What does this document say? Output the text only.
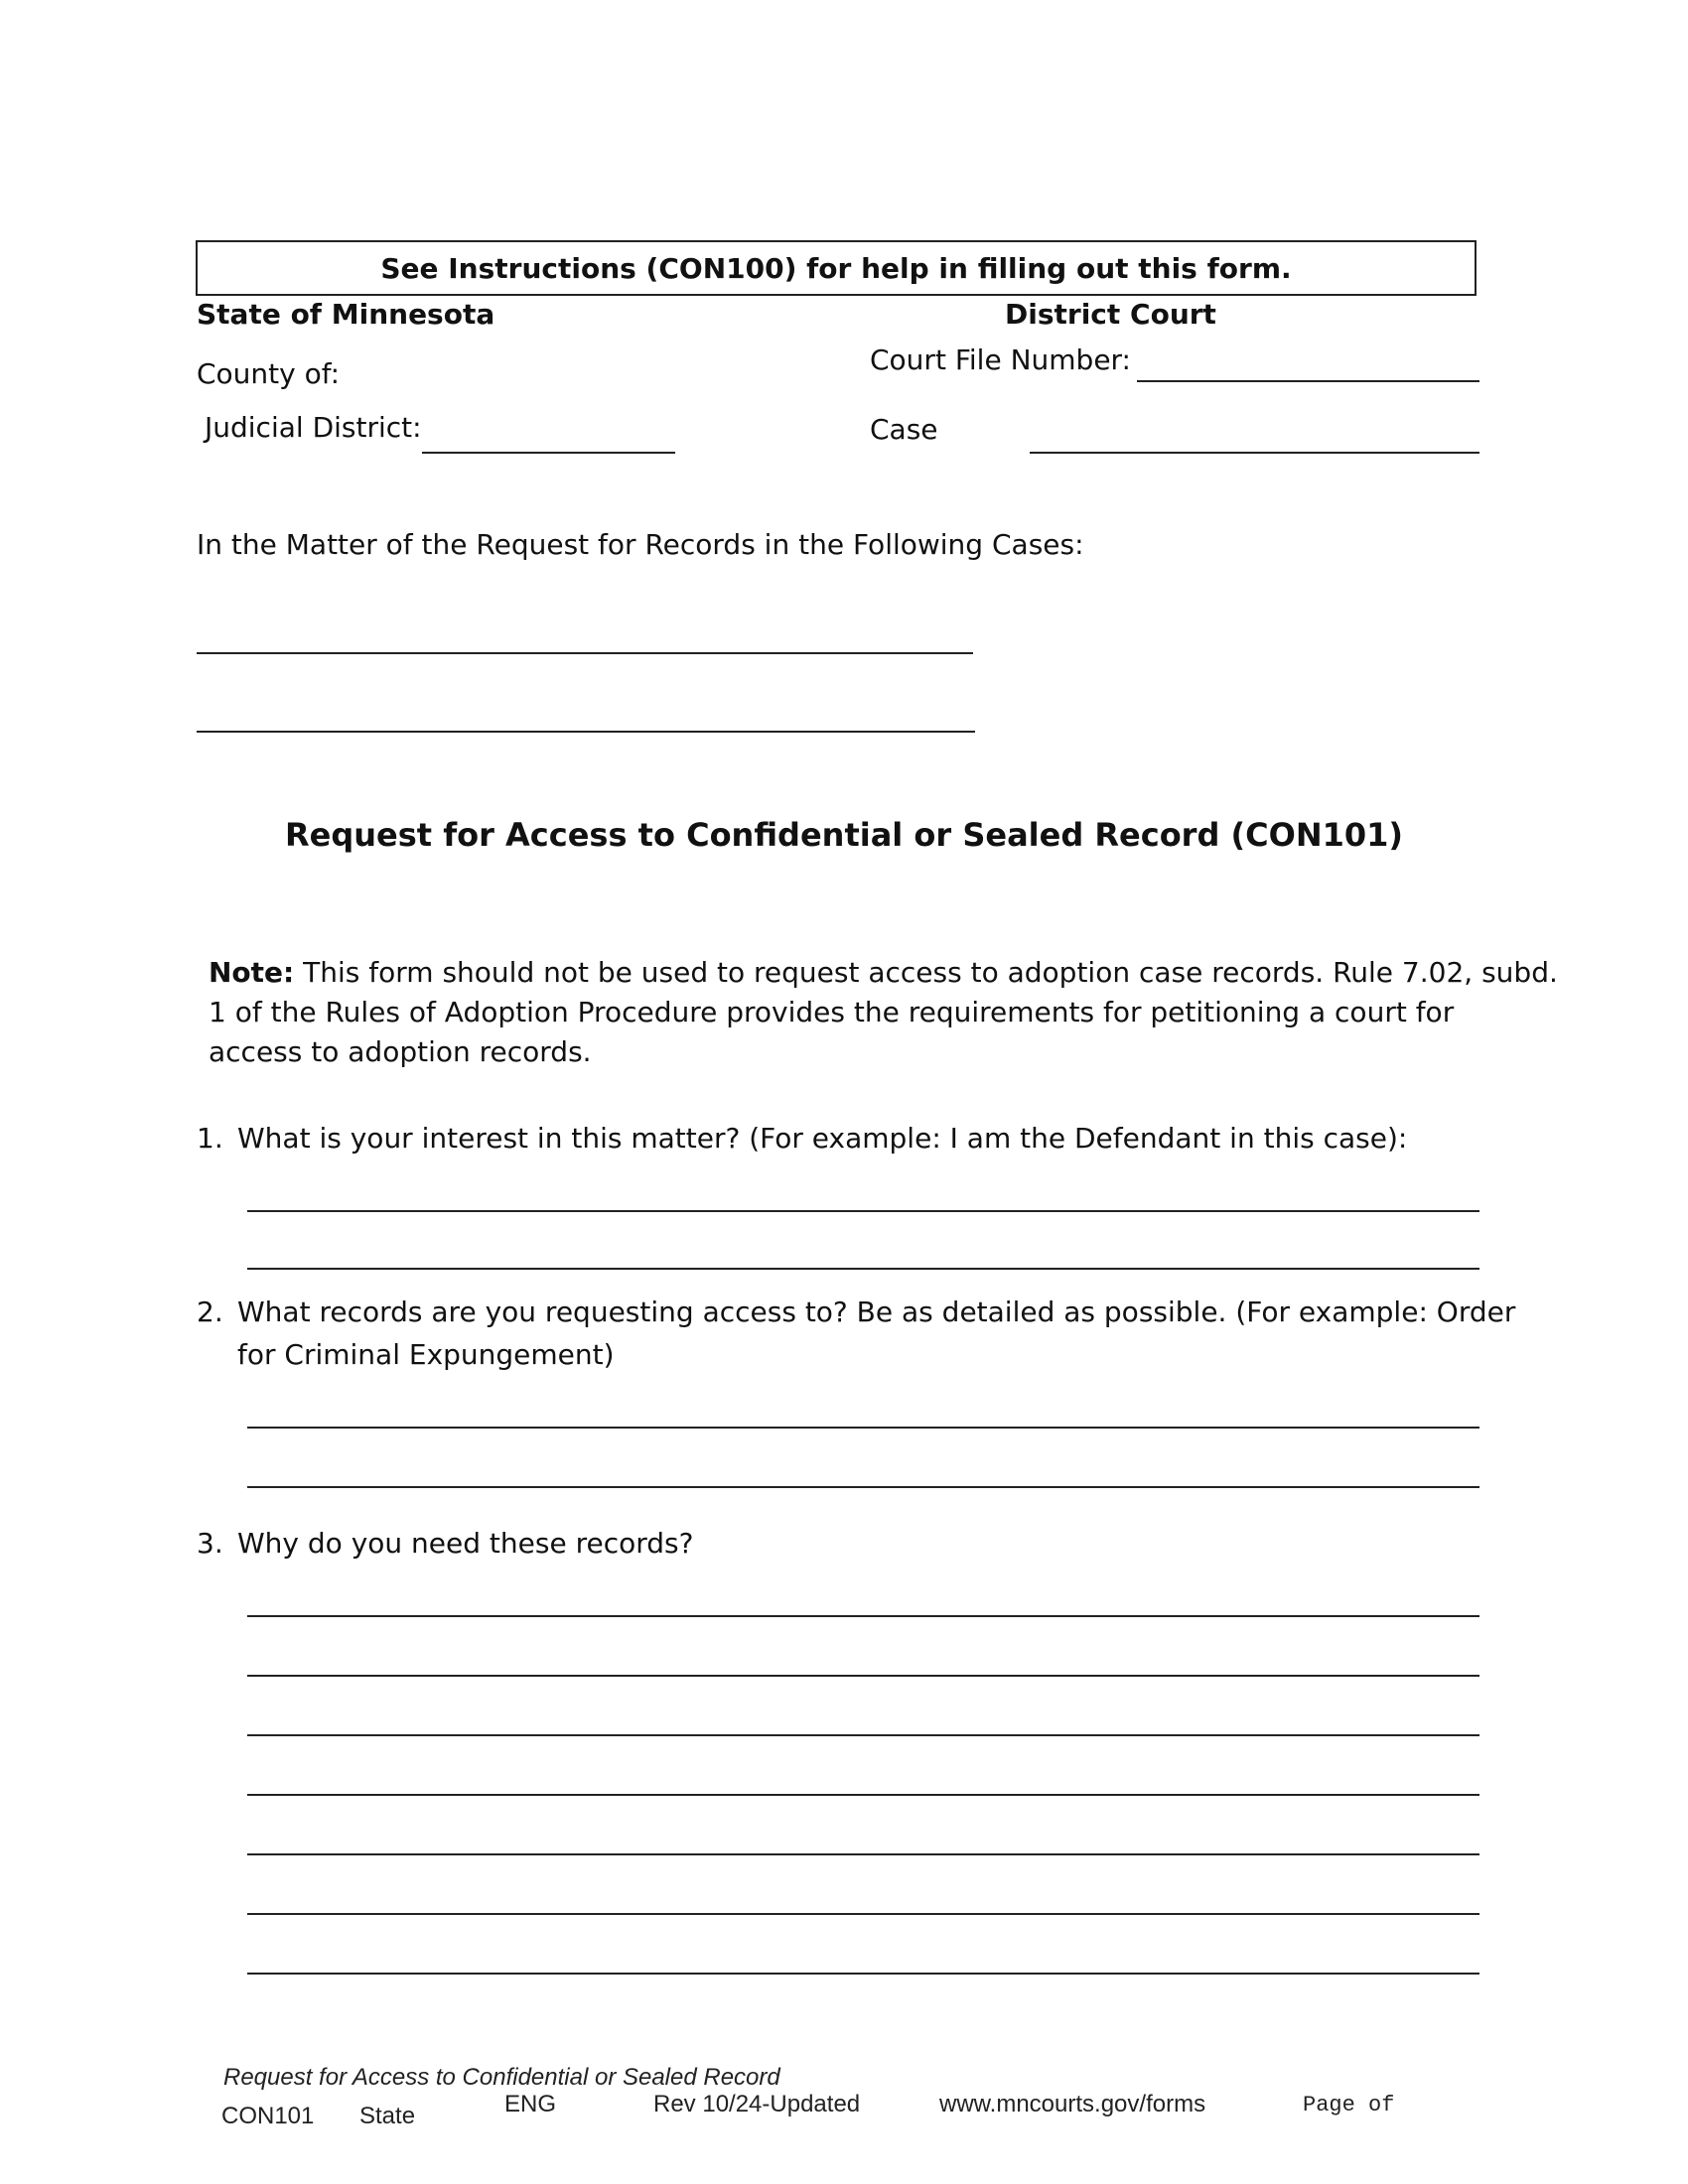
See Instructions (CON100) for help in filling out this form.
State of Minnesota	District Court
Court File Number:
County of:
Judicial District:	Case
In the Matter of the Request for Records in the Following Cases:
Request for Access to Confidential or Sealed Record (CON101)
Note: This form should not be used to request access to adoption case records. Rule 7.02, subd.
1 of the Rules of Adoption Procedure provides the requirements for petitioning a court for
access to adoption records.
1. What is your interest in this matter? (For example: I am the Defendant in this case):
2. What records are you requesting access to? Be as detailed as possible. (For example: Order
for Criminal Expungement)
3. Why do you need these records?
Request for Access to Confidential or Sealed Record
CON101 State	ENG	Rev 10/24-Updated	www.mncourts.gov/forms	Page of
